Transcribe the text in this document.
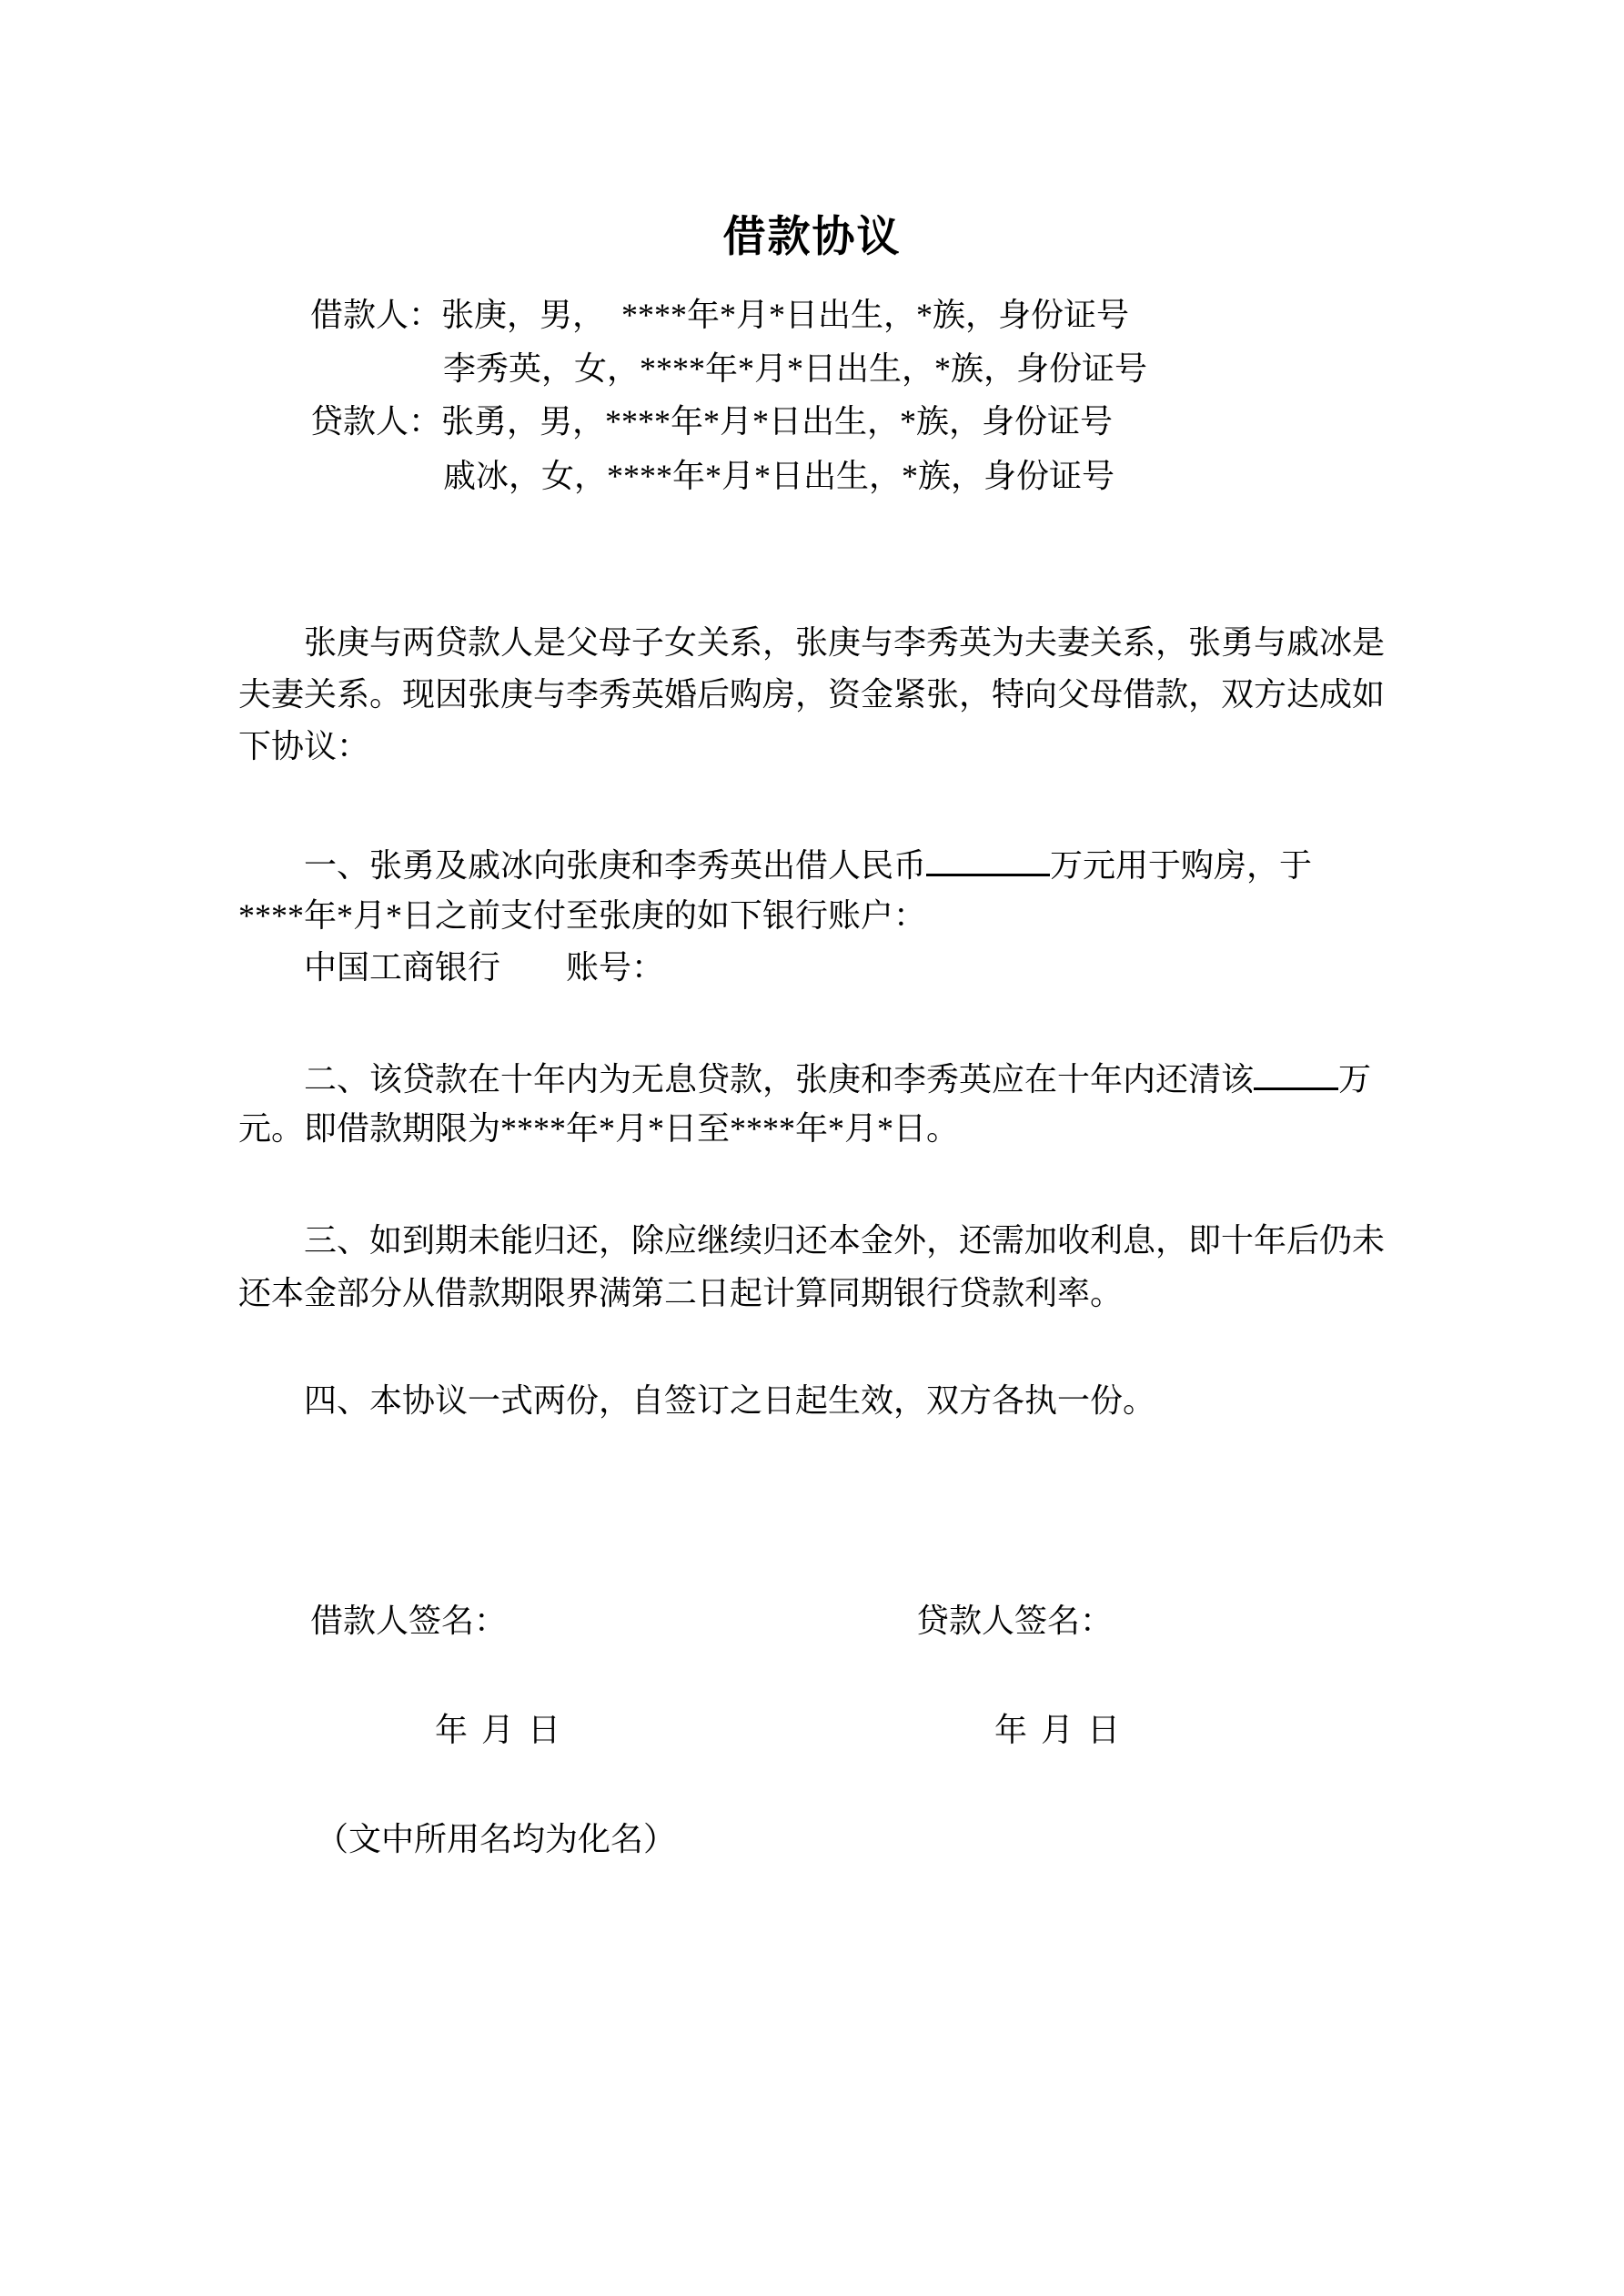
借款协议
借款人：张庚，男，　****年*月*日出生，*族，身份证号
李秀英，女，****年*月*日出生，*族，身份证号
贷款人：张勇，男，****年*月*日出生，*族，身份证号
戚冰，女，****年*月*日出生，*族，身份证号
张庚与两贷款人是父母子女关系，张庚与李秀英为夫妻关系，张勇与戚冰是
夫妻关系。现因张庚与李秀英婚后购房，资金紧张，特向父母借款，双方达成如
下协议：
一、张勇及戚冰向张庚和李秀英出借人民币	万元用于购房，于
****年*月*日之前支付至张庚的如下银行账户：
中国工商银行　　账号：
二、该贷款在十年内为无息贷款，张庚和李秀英应在十年内还清该	万
元。即借款期限为****年*月*日至****年*月*日。
三、如到期未能归还，除应继续归还本金外，还需加收利息，即十年后仍未
还本金部分从借款期限界满第二日起计算同期银行贷款利率。
四、本协议一式两份，自签订之日起生效，双方各执一份。
借款人签名：	贷款人签名：
年 月 日	年 月 日
（文中所用名均为化名）
